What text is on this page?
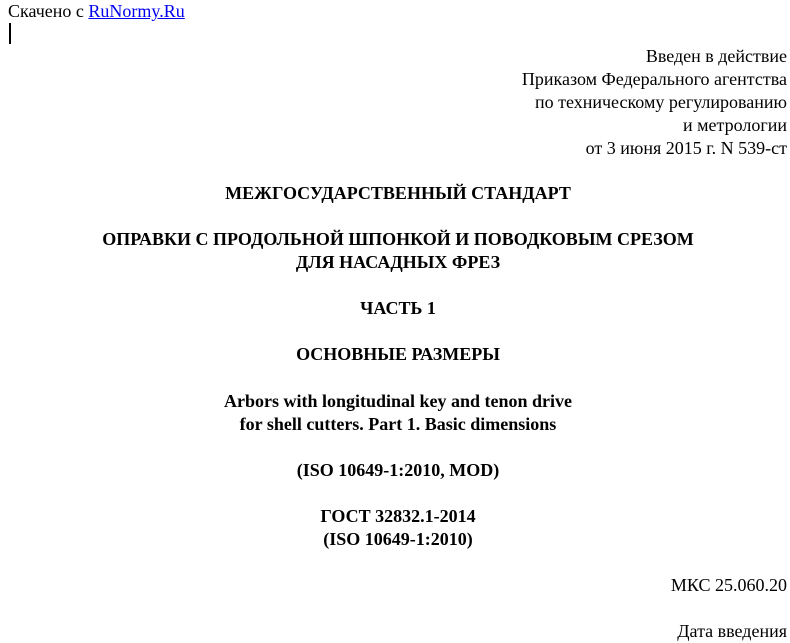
Скачено с RuNormy.Ru
Введен в действие
Приказом Федерального агентства
по техническому регулированию
и метрологии
от 3 июня 2015 г. N 539-ст
МЕЖГОСУДАРСТВЕННЫЙ СТАНДАРТ
ОПРАВКИ С ПРОДОЛЬНОЙ ШПОНКОЙ И ПОВОДКОВЫМ СРЕЗОМ
ДЛЯ НАСАДНЫХ ФРЕЗ
ЧАСТЬ 1
ОСНОВНЫЕ РАЗМЕРЫ
Arbors with longitudinal key and tenon drive
for shell cutters. Part 1. Basic dimensions
(ISO 10649-1:2010, MOD)
ГОСТ 32832.1-2014
(ISO 10649-1:2010)
МКС 25.060.20
Дата введения
